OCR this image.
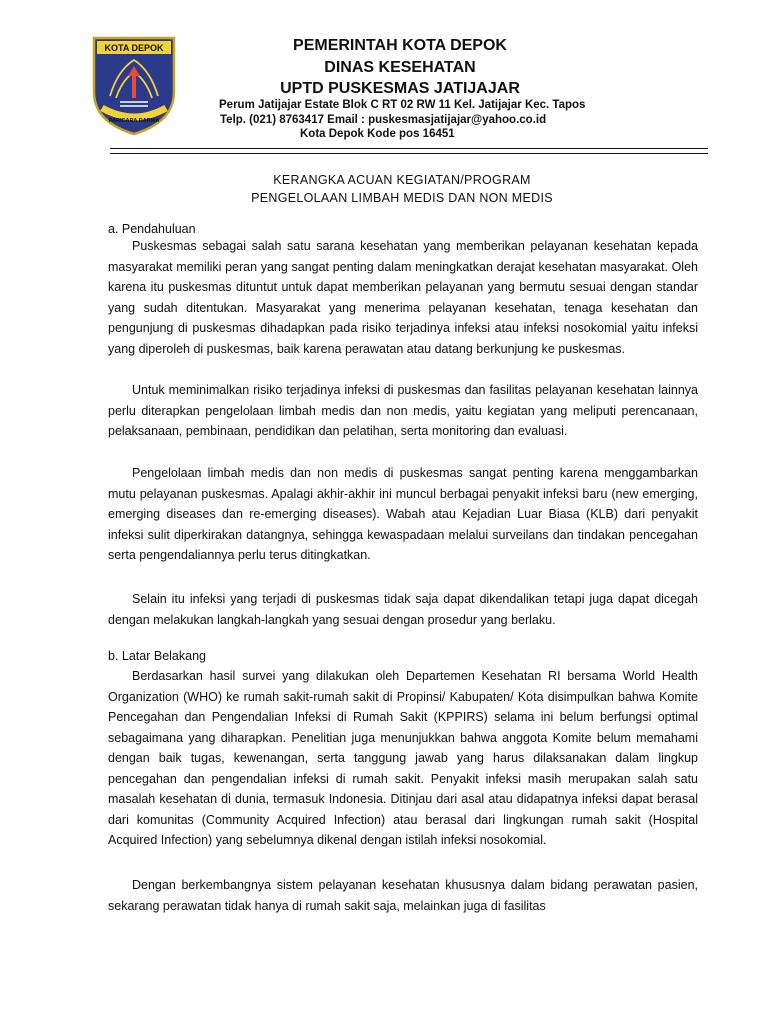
KOTA DEPOK
PARICARA DARMA
PEMERINTAH KOTA DEPOK
DINAS KESEHATAN
UPTD PUSKESMAS JATIJAJAR
Perum Jatijajar Estate Blok C RT 02 RW 11 Kel. Jatijajar Kec. Tapos
Telp. (021) 8763417 Email : puskesmasjatijajar@yahoo.co.id
Kota Depok Kode pos 16451
KERANGKA ACUAN KEGIATAN/PROGRAM
PENGELOLAAN LIMBAH MEDIS DAN NON MEDIS
a. Pendahuluan

Puskesmas sebagai salah satu sarana kesehatan yang memberikan pelayanan kesehatan kepada masyarakat memiliki peran yang sangat penting dalam meningkatkan derajat kesehatan masyarakat. Oleh karena itu puskesmas dituntut untuk dapat memberikan pelayanan yang bermutu sesuai dengan standar yang sudah ditentukan. Masyarakat yang menerima pelayanan kesehatan, tenaga kesehatan dan pengunjung di puskesmas dihadapkan pada risiko terjadinya infeksi atau infeksi nosokomial yaitu infeksi yang diperoleh di puskesmas, baik karena perawatan atau datang berkunjung ke puskesmas.

Untuk meminimalkan risiko terjadinya infeksi di puskesmas dan fasilitas pelayanan kesehatan lainnya perlu diterapkan pengelolaan limbah medis dan non medis, yaitu kegiatan yang meliputi perencanaan, pelaksanaan, pembinaan, pendidikan dan pelatihan, serta monitoring dan evaluasi.

Pengelolaan limbah medis dan non medis di puskesmas sangat penting karena menggambarkan mutu pelayanan puskesmas. Apalagi akhir-akhir ini muncul berbagai penyakit infeksi baru (new emerging, emerging diseases dan re-emerging diseases). Wabah atau Kejadian Luar Biasa (KLB) dari penyakit infeksi sulit diperkirakan datangnya, sehingga kewaspadaan melalui surveilans dan tindakan pencegahan serta pengendaliannya perlu terus ditingkatkan.

Selain itu infeksi yang terjadi di puskesmas tidak saja dapat dikendalikan tetapi juga dapat dicegah dengan melakukan langkah-langkah yang sesuai dengan prosedur yang berlaku.

b. Latar Belakang

Berdasarkan hasil survei yang dilakukan oleh Departemen Kesehatan RI bersama World Health Organization (WHO) ke rumah sakit-rumah sakit di Propinsi/ Kabupaten/ Kota disimpulkan bahwa Komite Pencegahan dan Pengendalian Infeksi di Rumah Sakit (KPPIRS) selama ini belum berfungsi optimal sebagaimana yang diharapkan. Penelitian juga menunjukkan bahwa anggota Komite belum memahami dengan baik tugas, kewenangan, serta tanggung jawab yang harus dilaksanakan dalam lingkup pencegahan dan pengendalian infeksi di rumah sakit. Penyakit infeksi masih merupakan salah satu masalah kesehatan di dunia, termasuk Indonesia. Ditinjau dari asal atau didapatnya infeksi dapat berasal dari komunitas (Community Acquired Infection) atau berasal dari lingkungan rumah sakit (Hospital Acquired Infection) yang sebelumnya dikenal dengan istilah infeksi nosokomial.

Dengan berkembangnya sistem pelayanan kesehatan khususnya dalam bidang perawatan pasien, sekarang perawatan tidak hanya di rumah sakit saja, melainkan juga di fasilitas
